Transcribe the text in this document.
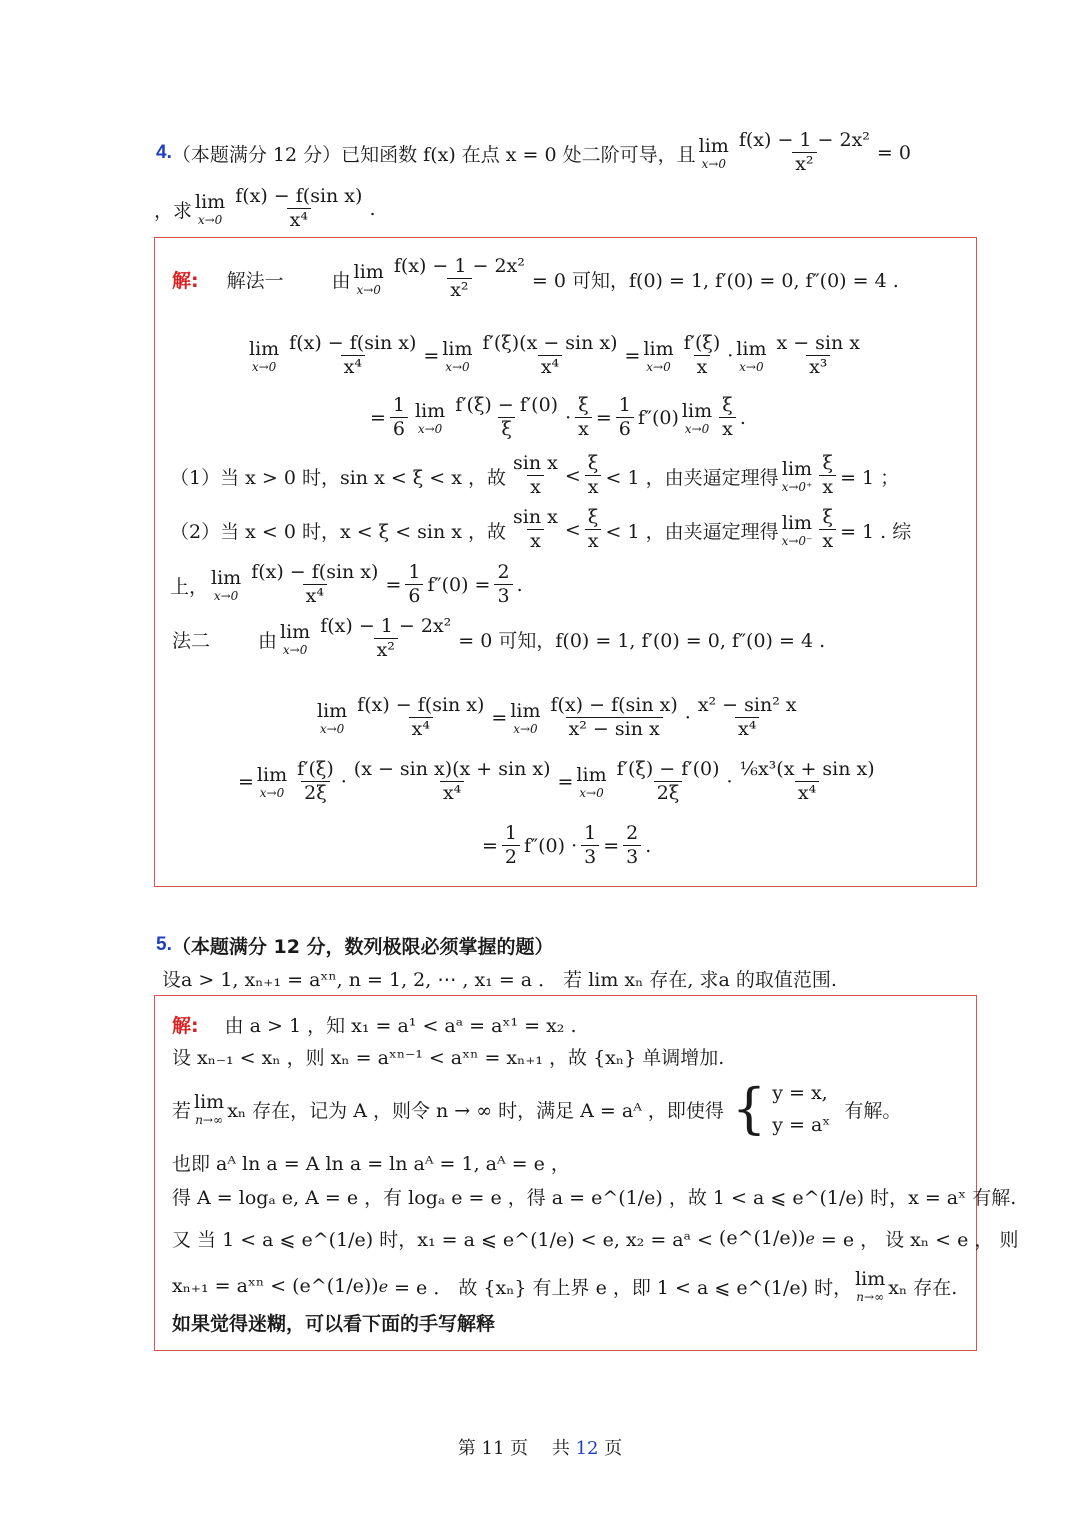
4. （本题满分 12 分）已知函数 f(x) 在点 x = 0 处二阶可导，且 lim
$x\to 0 \frac{\text{f(x) − 1 − 2x²}}{\text{x²}} = 0$
，求 lim
$x\to 0 \frac{\text{f(x) − f(sin x)}}{\text{x⁴}}$ .
解: 解法一	由 lim
$x\to 0 \frac{\text{f(x) − 1 − 2x²}}{\text{x²}} = 0$ 可知，f(0) = 1, f′(0) = 0, f″(0) = 4 .
lim
$x\to 0 \frac{\text{f(x) − f(sin x)}}{\text{x⁴}} = \lim$
$x\to 0 \frac{\text{f′(ξ)(x − sin x)}}{\text{x⁴}} = \lim$
$x\to 0 \frac{f'(\xi)}{x} \cdot \lim$
$x\to 0 \frac{\text{x − sin x}}{\text{x³}}$
= $\frac{1}{6}$ lim
$x\to 0 \frac{f'(\xi) - f'(0)}{\xi} \cdot \frac{\xi}{x} = \frac{1}{6} f''(0)$ lim
$x\to 0 \frac{\xi}{x}$ .
（1）当 x > 0 时，sin x < ξ < x ，故 $\frac{\text{sin x}}{x} < \frac{\xi}{x} < 1$ ，由夹逼定理得 lim
$x\to 0^+ \frac{\xi}{x} = 1$ ；
（2）当 x < 0 时，x < ξ < sin x ，故 $\frac{\text{sin x}}{x} < \frac{\xi}{x} < 1$ ，由夹逼定理得 lim
$x\to 0^- \frac{\xi}{x} = 1$ . 综
上， lim
$x\to 0 \frac{\text{f(x) − f(sin x)}}{\text{x⁴}} = \frac{1}{6} f''(0) = \frac{2}{3}$ .
法二	由 lim
$x\to 0 \frac{\text{f(x) − 1 − 2x²}}{\text{x²}} = 0$ 可知，f(0) = 1, f′(0) = 0, f″(0) = 4 .
lim
$x\to 0 \frac{\text{f(x) − f(sin x)}}{\text{x⁴}} = \lim$
$x\to 0 \frac{\text{f(x) − f(sin x)}}{\text{x² − sin x}} \cdot \frac{\text{x² − sin² x}}{\text{x⁴}}$
= lim
$x\to 0 \frac{f'(\xi)}{2\xi} \cdot \frac{\text{(x − sin x)(x + sin x)}}{\text{x⁴}} = \lim$
$x\to 0 \frac{f'(\xi) - f'(0)}{2\xi} \cdot \frac{\text{⅙x³(x + sin x)}}{\text{x⁴}}$
= $\frac{1}{2} f''(0) \cdot \frac{1}{3} = \frac{2}{3}$ .
5. （本题满分 12 分，数列极限必须掌握的题）
设a > 1, xₙ₊₁ = aˣⁿ, n = 1, 2, ⋯ , x₁ = a ． 若 lim xₙ 存在, 求a 的取值范围.
解: 由 a > 1 ，知 x₁ = a¹ < aᵃ = aˣ¹ = x₂ .
设 xₙ₋₁ < xₙ ，则 xₙ = aˣⁿ⁻¹ < aˣⁿ = xₙ₊₁ ，故 {xₙ} 单调增加.
若 lim
n→∞ xₙ 存在，记为 A ，则令 n → ∞ 时，满足 A = aᴬ ，即使得 { y = x,
y = aˣ
有解。
也即 aᴬ ln a = A ln a = ln aᴬ = 1, aᴬ = e ，
得 A = logₐ e, A = e ，有 logₐ e = e ，得 a = e^(1/e) ，故 1 < a ⩽ e^(1/e) 时，x = aˣ 有解.
又 当 1 < a ⩽ e^(1/e) 时，x₁ = a ⩽ e^(1/e) < e, x₂ = aᵃ < (e^(1/e)) e = e ， 设 xₙ < e ， 则
xₙ₊₁ = aˣⁿ < (e^(1/e)) e = e ． 故 {xₙ} 有上界 e ，即 1 < a ⩽ e^(1/e) 时， lim
n→∞ xₙ 存在.
如果觉得迷糊，可以看下面的手写解释
第 11 页　 共 12 页
